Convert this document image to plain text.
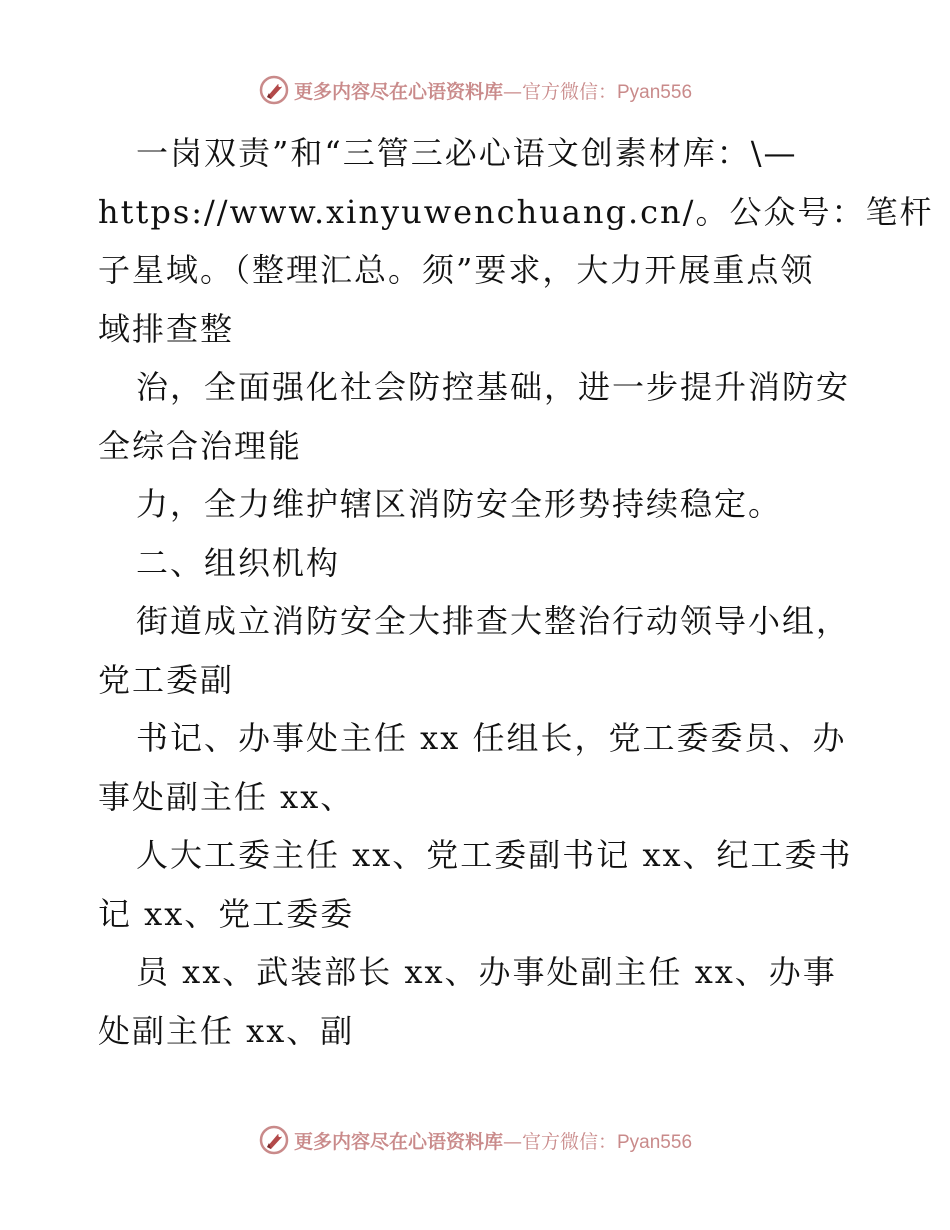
更多内容尽在心语资料库—官方微信：Pyan556
一岗双责”和“三管三必心语文创素材库：\—
https://www.xinyuwenchuang.cn/。公众号：笔杆
子星域。（整理汇总。须”要求，大力开展重点领
域排查整
治，全面强化社会防控基础，进一步提升消防安
全综合治理能
力，全力维护辖区消防安全形势持续稳定。
二、组织机构
街道成立消防安全大排查大整治行动领导小组，
党工委副
书记、办事处主任 xx 任组长，党工委委员、办
事处副主任 xx、
人大工委主任 xx、党工委副书记 xx、纪工委书
记 xx、党工委委
员 xx、武装部长 xx、办事处副主任 xx、办事
处副主任 xx、副
更多内容尽在心语资料库—官方微信：Pyan556
